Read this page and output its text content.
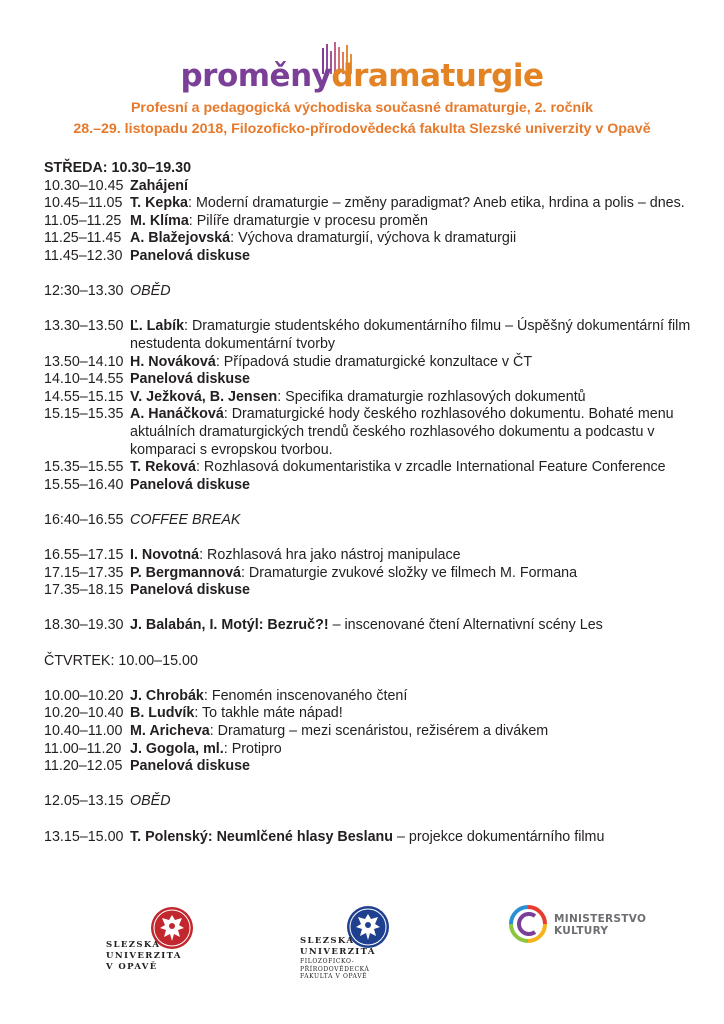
proměnydramaturgie
Profesní a pedagogická východiska současné dramaturgie, 2. ročník
28.–29. listopadu 2018, Filozoficko-přírodovědecká fakulta Slezské univerzity v Opavě
STŘEDA: 10.30–19.30
10.30–10.45 Zahájení
10.45–11.05 T. Kepka: Moderní dramaturgie – změny paradigmat? Aneb etika, hrdina a polis – dnes.
11.05–11.25 M. Klíma: Pilíře dramaturgie v procesu proměn
11.25–11.45 A. Blažejovská: Výchova dramaturgií, výchova k dramaturgii
11.45–12.30 Panelová diskuse
12:30–13.30 OBĚD
13.30–13.50 Ľ. Labík: Dramaturgie studentského dokumentárního filmu – Úspěšný dokumentární film nestudenta dokumentární tvorby
13.50–14.10 H. Nováková: Případová studie dramaturgické konzultace v ČT
14.10–14.55 Panelová diskuse
14.55–15.15 V. Ježková, B. Jensen: Specifika dramaturgie rozhlasových dokumentů
15.15–15.35 A. Hanáčková: Dramaturgické hody českého rozhlasového dokumentu. Bohaté menu aktuálních dramaturgických trendů českého rozhlasového dokumentu a podcastu v komparaci s evropskou tvorbou.
15.35–15.55 T. Reková: Rozhlasová dokumentaristika v zrcadle International Feature Conference
15.55–16.40 Panelová diskuse
16:40–16.55 COFFEE BREAK
16.55–17.15 I. Novotná: Rozhlasová hra jako nástroj manipulace
17.15–17.35 P. Bergmannová: Dramaturgie zvukové složky ve filmech M. Formana
17.35–18.15 Panelová diskuse
18.30–19.30 J. Balabán, I. Motýl: Bezruč?! – inscenované čtení Alternativní scény Les
ČTVRTEK: 10.00–15.00
10.00–10.20 J. Chrobák: Fenomén inscenovaného čtení
10.20–10.40 B. Ludvík: To takhle máte nápad!
10.40–11.00 M. Aricheva: Dramaturg – mezi scenáristou, režisérem a divákem
11.00–11.20 J. Gogola, ml.: Protipro
11.20–12.05 Panelová diskuse
12.05–13.15 OBĚD
13.15–15.00 T. Polenský: Neumlčené hlasy Beslanu – projekce dokumentárního filmu
SLEZSKÁ
UNIVERZITA
V OPAVĚ
SLEZSKÁ
UNIVERZITA
FILOZOFICKO-
PŘÍRODOVĚDECKÁ
FAKULTA V OPAVĚ
MINISTERSTVO
KULTURY
